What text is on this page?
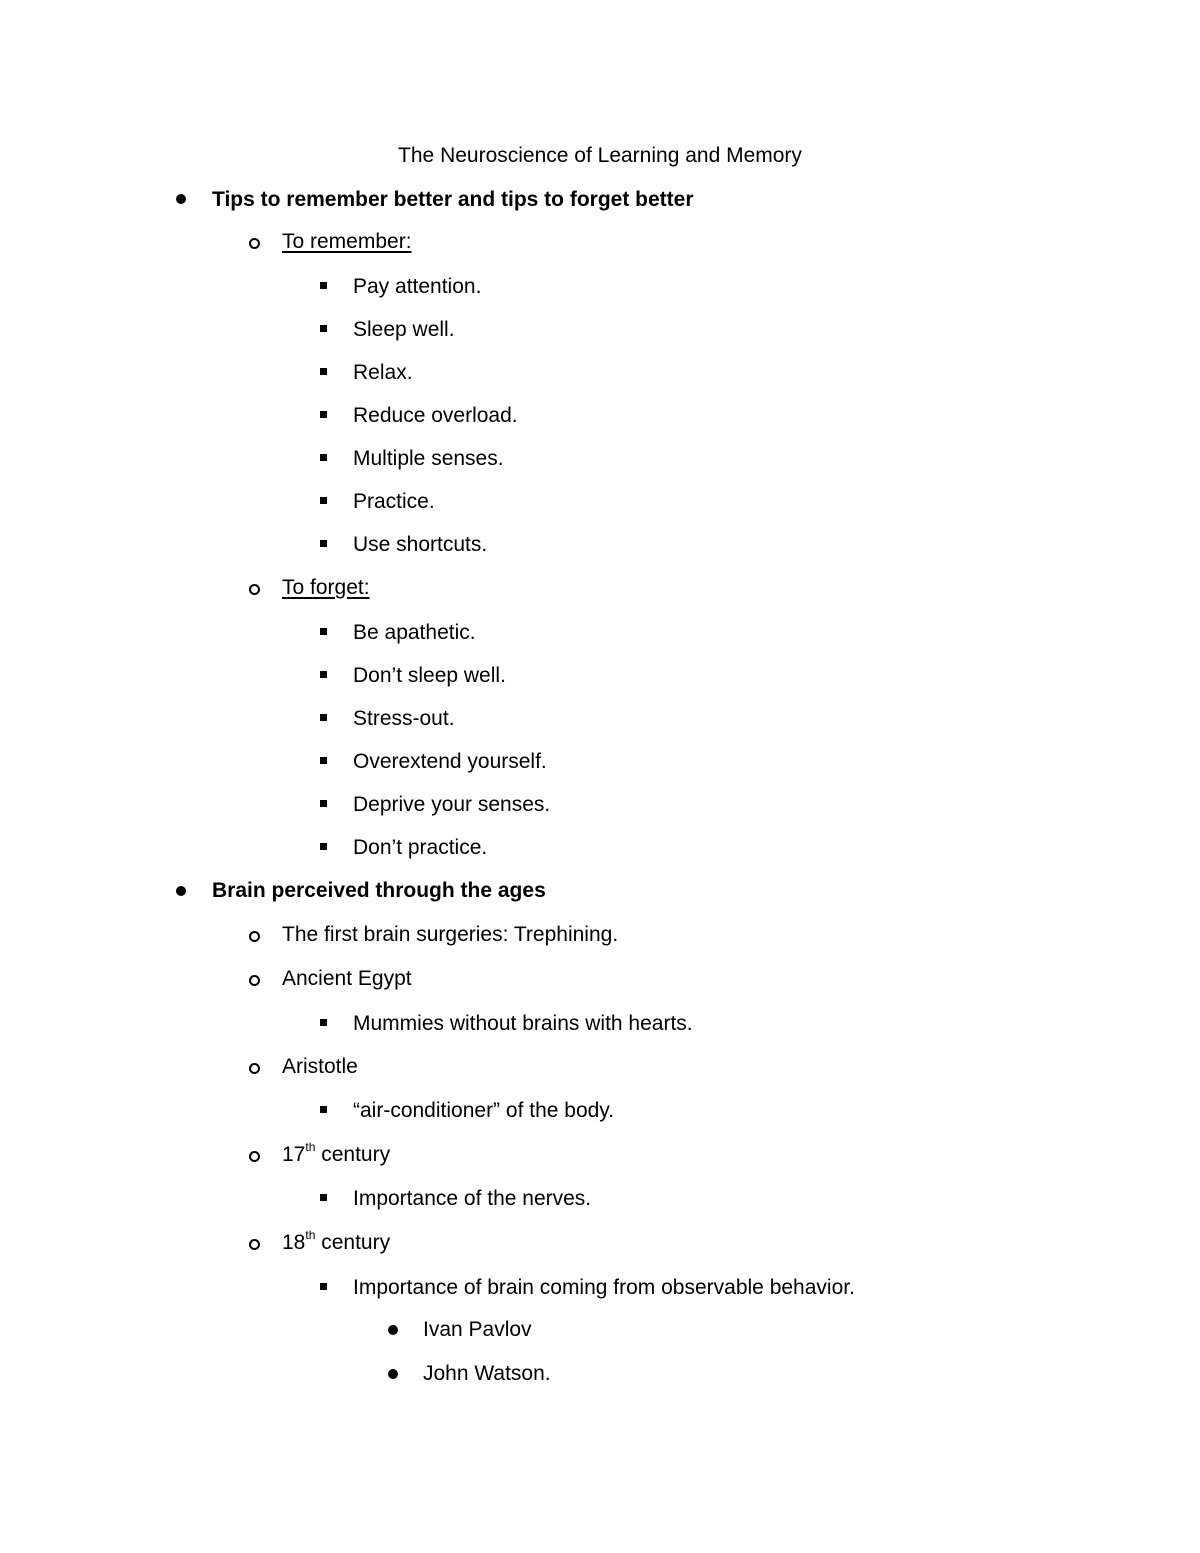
The Neuroscience of Learning and Memory
Tips to remember better and tips to forget better
To remember:
Pay attention.
Sleep well.
Relax.
Reduce overload.
Multiple senses.
Practice.
Use shortcuts.
To forget:
Be apathetic.
Don’t sleep well.
Stress-out.
Overextend yourself.
Deprive your senses.
Don’t practice.
Brain perceived through the ages
The first brain surgeries: Trephining.
Ancient Egypt
Mummies without brains with hearts.
Aristotle
“air-conditioner” of the body.
17th century
Importance of the nerves.
18th century
Importance of brain coming from observable behavior.
Ivan Pavlov
John Watson.
